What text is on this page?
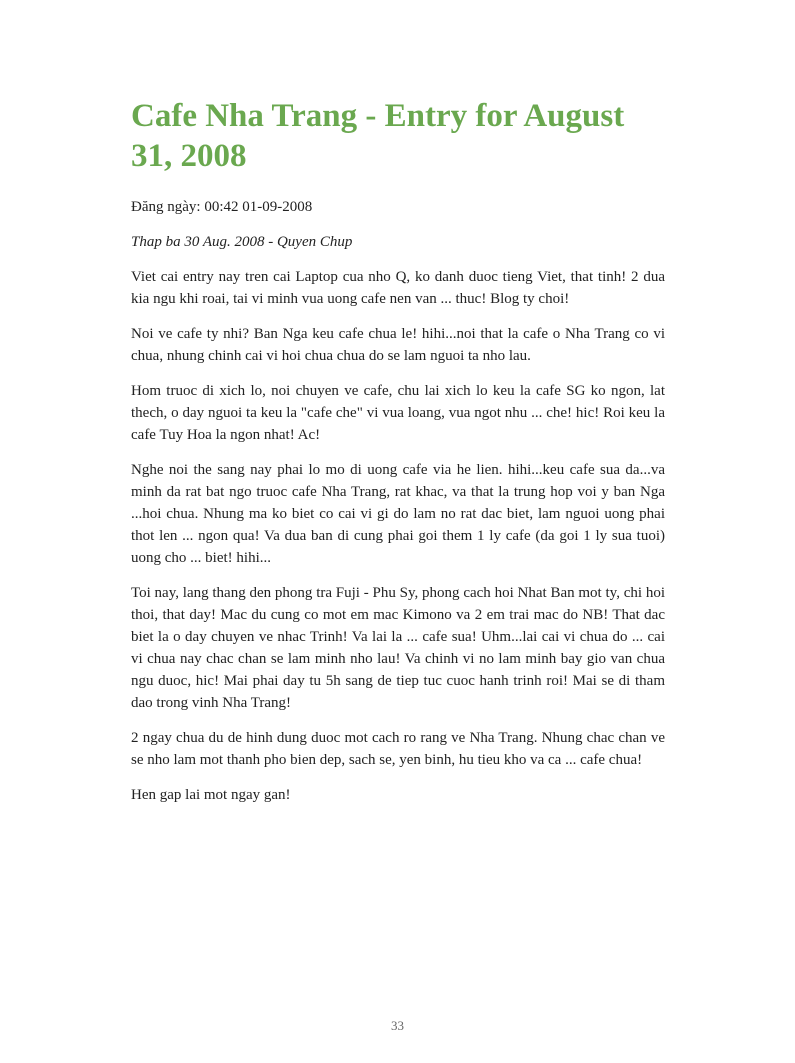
Cafe Nha Trang - Entry for August 31, 2008

Đăng ngày: 00:42 01-09-2008

Thap ba 30 Aug. 2008 - Quyen Chup

Viet cai entry nay tren cai Laptop cua nho Q, ko danh duoc tieng Viet, that tinh! 2 dua kia ngu khi roai, tai vi minh vua uong cafe nen van ... thuc! Blog ty choi!

Noi ve cafe ty nhi? Ban Nga keu cafe chua le! hihi...noi that la cafe o Nha Trang co vi chua, nhung chinh cai vi hoi chua chua do se lam nguoi ta nho lau.

Hom truoc di xich lo, noi chuyen ve cafe, chu lai xich lo keu la cafe SG ko ngon, lat thech, o day nguoi ta keu la "cafe che" vi vua loang, vua ngot nhu ... che! hic! Roi keu la cafe Tuy Hoa la ngon nhat! Ac!

Nghe noi the sang nay phai lo mo di uong cafe via he lien. hihi...keu cafe sua da...va minh da rat bat ngo truoc cafe Nha Trang, rat khac, va that la trung hop voi y ban Nga ...hoi chua. Nhung ma ko biet co cai vi gi do lam no rat dac biet, lam nguoi uong phai thot len ... ngon qua! Va dua ban di cung phai goi them 1 ly cafe (da goi 1 ly sua tuoi) uong cho ... biet! hihi...

Toi nay, lang thang den phong tra Fuji - Phu Sy, phong cach hoi Nhat Ban mot ty, chi hoi thoi, that day! Mac du cung co mot em mac Kimono va 2 em trai mac do NB! That dac biet la o day chuyen ve nhac Trinh! Va lai la ... cafe sua! Uhm...lai cai vi chua do ... cai vi chua nay chac chan se lam minh nho lau! Va chinh vi no lam minh bay gio van chua ngu duoc, hic! Mai phai day tu 5h sang de tiep tuc cuoc hanh trinh roi! Mai se di tham dao trong vinh Nha Trang!

2 ngay chua du de hinh dung duoc mot cach ro rang ve Nha Trang. Nhung chac chan ve se nho lam mot thanh pho bien dep, sach se, yen binh, hu tieu kho va ca ... cafe chua!

Hen gap lai mot ngay gan!

33
